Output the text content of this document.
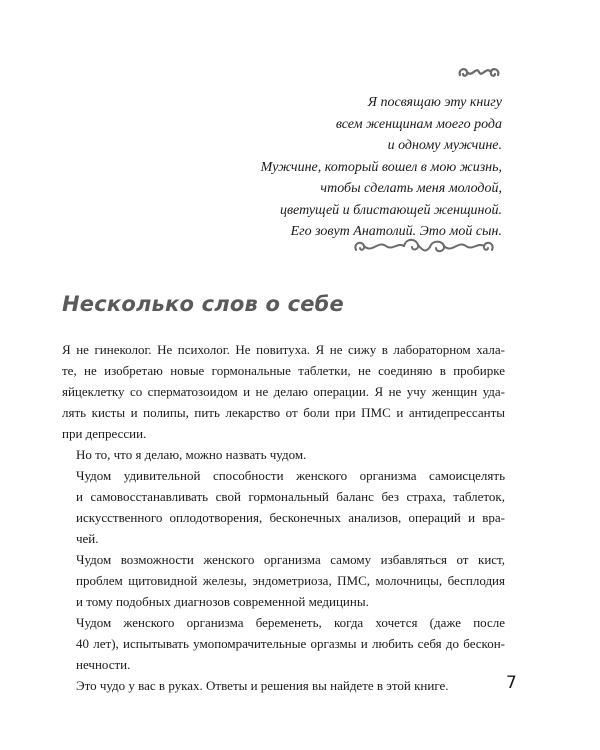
Я посвящаю эту книгу
всем женщинам моего рода
и одному мужчине.
Мужчине, который вошел в мою жизнь,
чтобы сделать меня молодой,
цветущей и блистающей женщиной.
Его зовут Анатолий. Это мой сын.
Несколько слов о себе

Я не гинеколог. Не психолог. Не повитуха. Я не сижу в лабораторном хала-
те, не изобретаю новые гормональные таблетки, не соединяю в пробирке
яйцеклетку со сперматозоидом и не делаю операции. Я не учу женщин уда-
лять кисты и полипы, пить лекарство от боли при ПМС и антидепрессанты
при депрессии.

Но то, что я делаю, можно назвать чудом.

Чудом удивительной способности женского организма самоисцелять
и самовосстанавливать свой гормональный баланс без страха, таблеток,
искусственного оплодотворения, бесконечных анализов, операций и вра-
чей.

Чудом возможности женского организма самому избавляться от кист,
проблем щитовидной железы, эндометриоза, ПМС, молочницы, бесплодия
и тому подобных диагнозов современной медицины.

Чудом женского организма беременеть, когда хочется (даже после
40 лет), испытывать умопомрачительные оргазмы и любить себя до бескон-
нечности.

Это чудо у вас в руках. Ответы и решения вы найдете в этой книге.	7
